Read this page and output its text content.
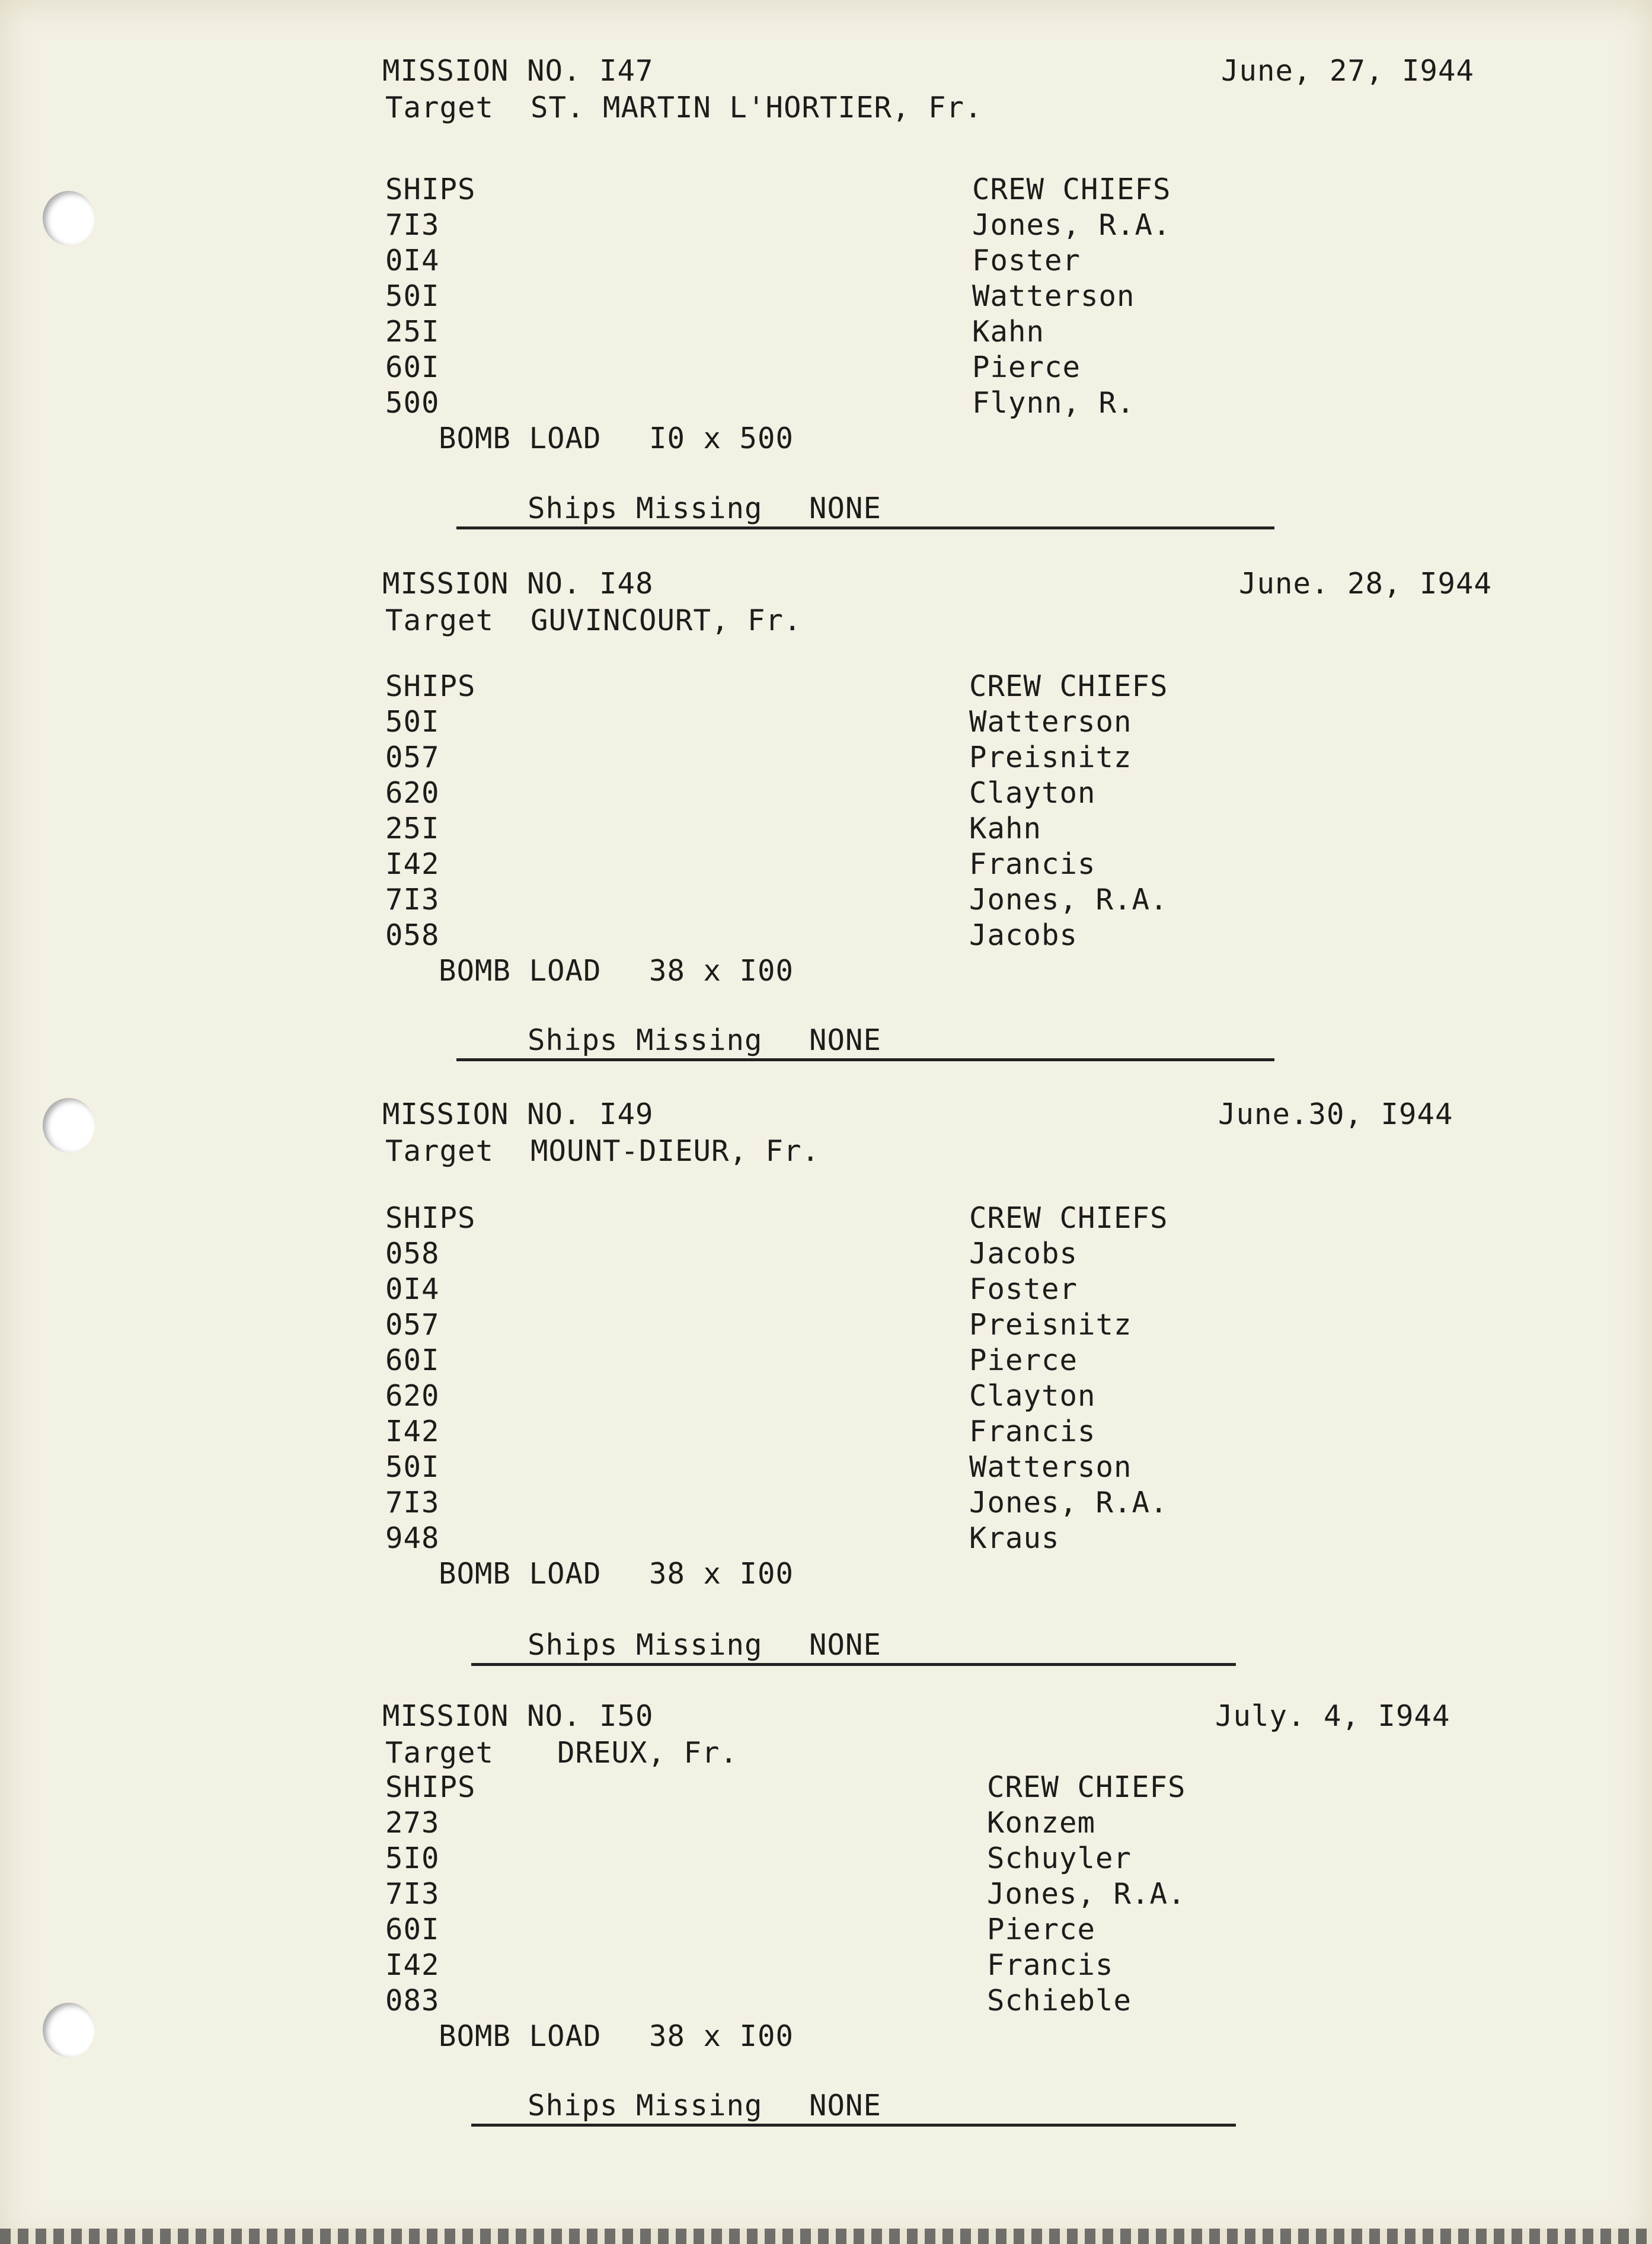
MISSION NO. I47	June, 27, I944
Target ST. MARTIN L'HORTIER, Fr.
SHIPS	CREW CHIEFS
7I3	Jones, R.A.
0I4	Foster
50I	Watterson
25I	Kahn
60I	Pierce
500	Flynn, R.
BOMB LOAD I0 x 500
Ships Missing NONE
MISSION NO. I48	June. 28, I944
Target GUVINCOURT, Fr.
SHIPS	CREW CHIEFS
50I	Watterson
057	Preisnitz
620	Clayton
25I	Kahn
I42	Francis
7I3	Jones, R.A.
058	Jacobs
BOMB LOAD 38 x I00
Ships Missing NONE
MISSION NO. I49	June.30, I944
Target MOUNT-DIEUR, Fr.
SHIPS	CREW CHIEFS
058	Jacobs
0I4	Foster
057	Preisnitz
60I	Pierce
620	Clayton
I42	Francis
50I	Watterson
7I3	Jones, R.A.
948	Kraus
BOMB LOAD 38 x I00
Ships Missing NONE
MISSION NO. I50	July. 4, I944
Target DREUX, Fr.
SHIPS	CREW CHIEFS
273	Konzem
5I0	Schuyler
7I3	Jones, R.A.
60I	Pierce
I42	Francis
083	Schieble
BOMB LOAD 38 x I00
Ships Missing NONE
